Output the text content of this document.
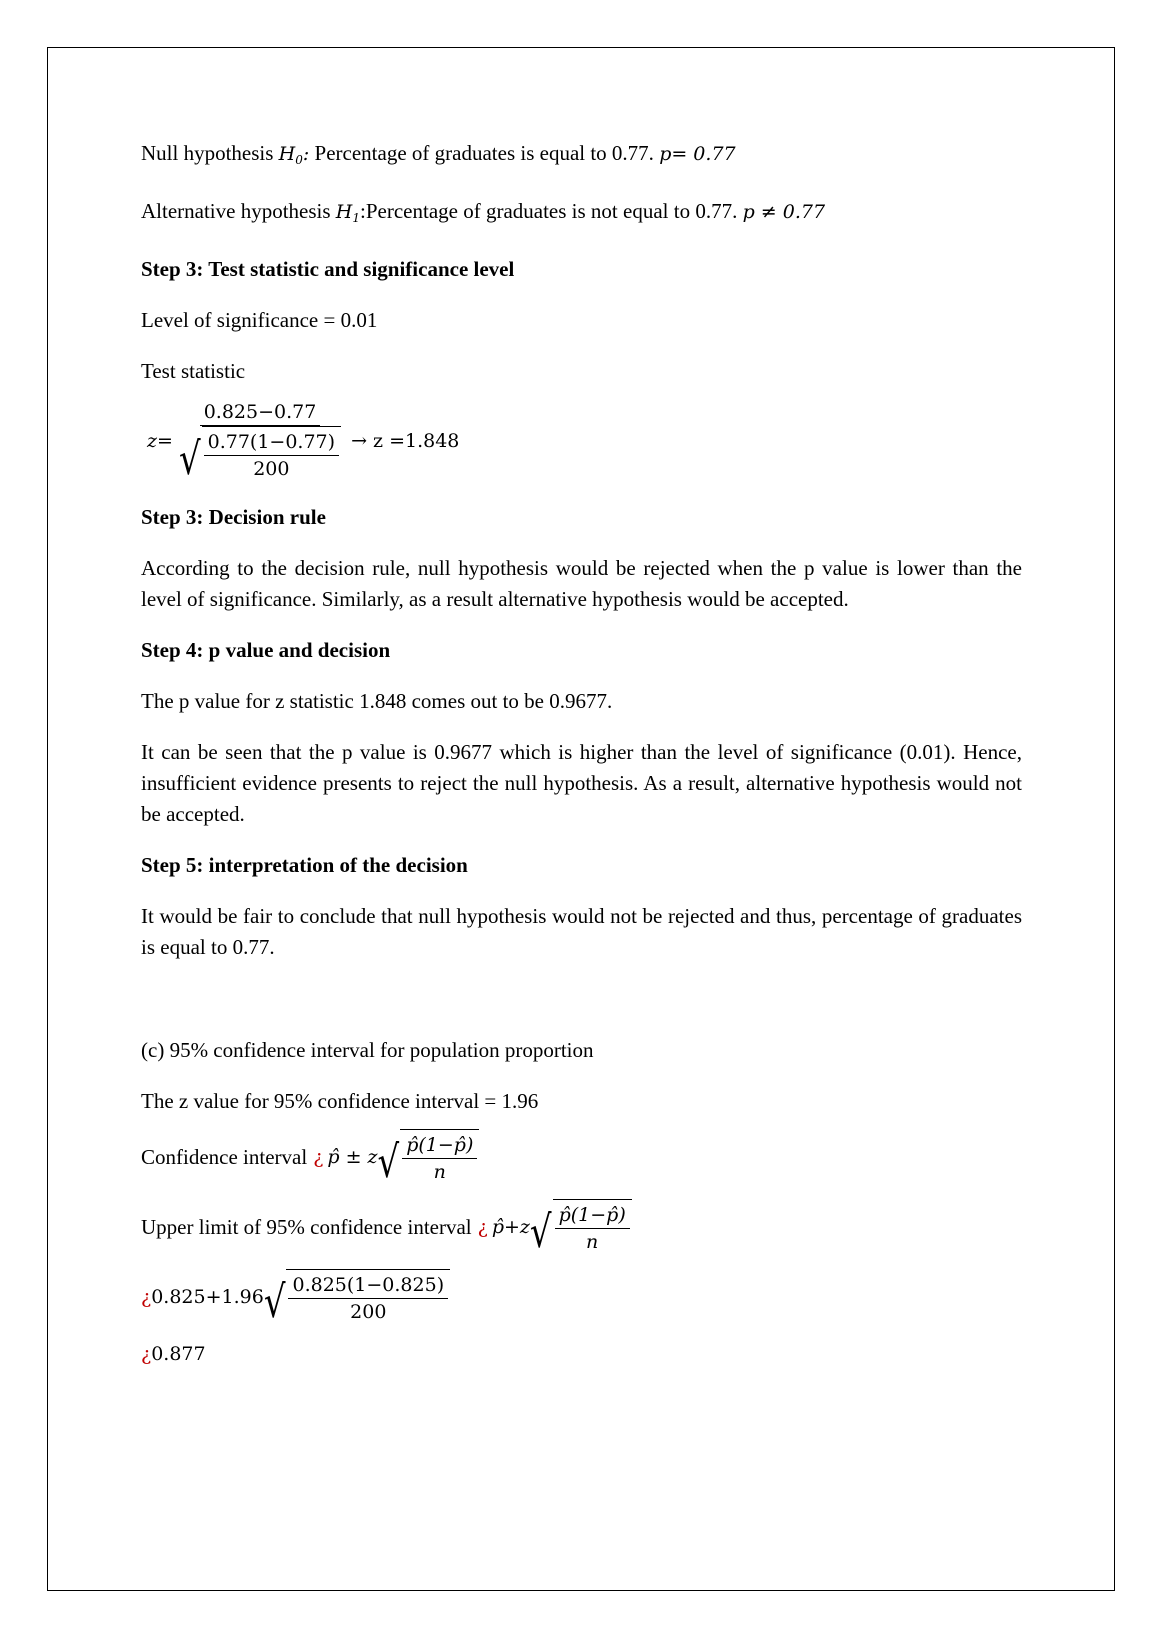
Null hypothesis $H_0$: Percentage of graduates is equal to 0.77. p= 0.77

Alternative hypothesis $H_1:Percentage$ of graduates is not equal to 0.77. p ≠ 0.77

Step 3: Test statistic and significance level

Level of significance = 0.01

Test statistic

z=
0.825−0.77
√ $\frac{0.77(1-0.77)}{200} \to z =1.848$

Step 3: Decision rule

According to the decision rule, null hypothesis would be rejected when the p value is lower than the level of significance. Similarly, as a result alternative hypothesis would be accepted.

Step 4: p value and decision

The p value for z statistic 1.848 comes out to be 0.9677.

It can be seen that the p value is 0.9677 which is higher than the level of significance (0.01). Hence, insufficient evidence presents to reject the null hypothesis. As a result, alternative hypothesis would not be accepted.

Step 5: interpretation of the decision

It would be fair to conclude that null hypothesis would not be rejected and thus, percentage of graduates is equal to 0.77.

(c) 95% confidence interval for population proportion

The z value for 95% confidence interval = 1.96

Confidence interval ¿ p̂ ± z √ $\frac{p̂(1-p̂)}{n}$
Upper limit of 95% confidence interval ¿ p̂+z √ $\frac{p̂(1-p̂)}{n}$
¿ 0.825+1.96 √ $\frac{0.825(1-0.825)}{200}$
¿0.877
